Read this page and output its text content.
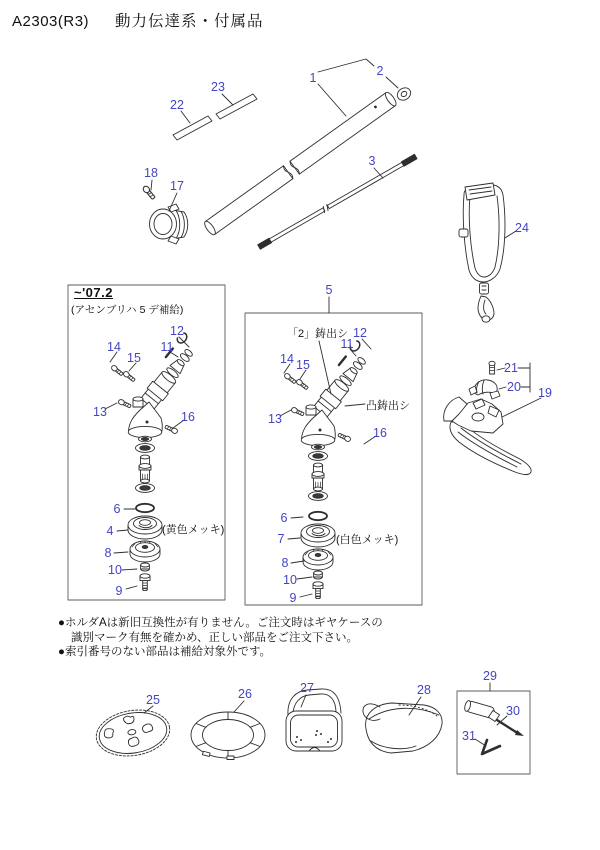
A2303(R3) 動力伝達系・付属品
~'07.2
(アセンブリハ 5 デ補給)
「2」鋳出シ
凸鋳出シ
(黄色メッキ)
(白色メッキ)
●ホルダAは新旧互換性が有りません。ご注文時はギヤケースの
識別マーク有無を確かめ、正しい部品をご注文下さい。
●索引番号のない部品は補給対象外です。
1	2
3
22
23
18
17
24
5
21
20 19
14
15
12
11
13	16
6
4
8
10
9
14 15
12
11
13
16
6
7
8
10
9
25	26	27	28
29
30
31
